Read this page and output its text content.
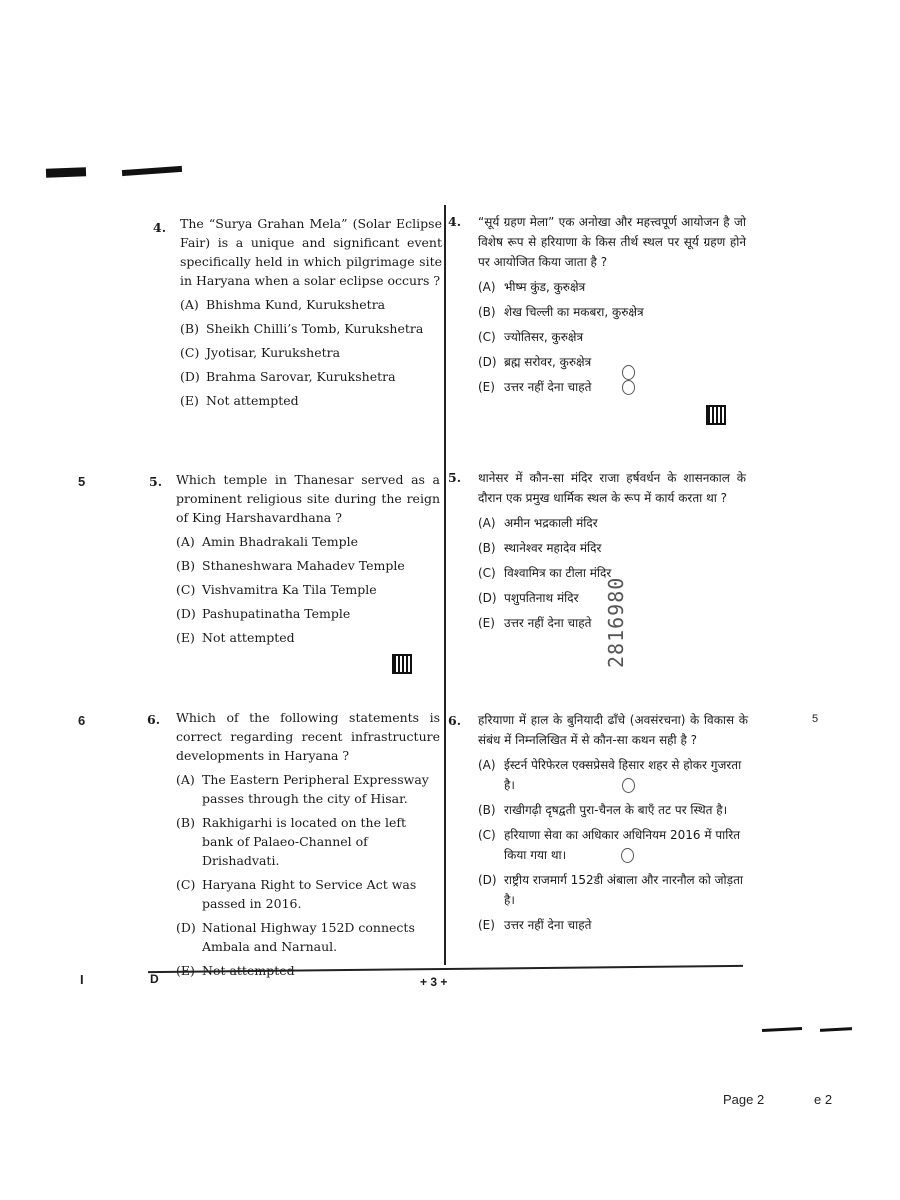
5
6
I
5
4. The “Surya Grahan Mela” (Solar Eclipse Fair) is a unique and significant event specifically held in which pilgrimage site in Haryana when a solar eclipse occurs ?
(A) Bhishma Kund, Kurukshetra
(B) Sheikh Chilli’s Tomb, Kurukshetra
(C) Jyotisar, Kurukshetra
(D) Brahma Sarovar, Kurukshetra
(E) Not attempted
5. Which temple in Thanesar served as a prominent religious site during the reign of King Harshavardhana ?
(A) Amin Bhadrakali Temple
(B) Sthaneshwara Mahadev Temple
(C) Vishvamitra Ka Tila Temple
(D) Pashupatinatha Temple
(E) Not attempted
6. Which of the following statements is correct regarding recent infrastructure developments in Haryana ?
(A) The Eastern Peripheral Expressway passes through the city of Hisar.
(B) Rakhigarhi is located on the left bank of Palaeo-Channel of Drishadvati.
(C) Haryana Right to Service Act was passed in 2016.
(D) National Highway 152D connects Ambala and Narnaul.
4. “सूर्य ग्रहण मेला” एक अनोखा और महत्त्वपूर्ण आयोजन है जो विशेष रूप से हरियाणा के किस तीर्थ स्थल पर सूर्य ग्रहण होने पर आयोजित किया जाता है ?
(A) भीष्म कुंड, कुरुक्षेत्र
(B) शेख चिल्ली का मकबरा, कुरुक्षेत्र
(C) ज्योतिसर, कुरुक्षेत्र
(D) ब्रह्म सरोवर, कुरुक्षेत्र
(E) उत्तर नहीं देना चाहते
5. थानेसर में कौन-सा मंदिर राजा हर्षवर्धन के शासनकाल के दौरान एक प्रमुख धार्मिक स्थल के रूप में कार्य करता था ?
(A) अमीन भद्रकाली मंदिर
(B) स्थानेश्वर महादेव मंदिर
(C) विश्वामित्र का टीला मंदिर
(D) पशुपतिनाथ मंदिर
(E) उत्तर नहीं देना चाहते
6. हरियाणा में हाल के बुनियादी ढाँचे (अवसंरचना) के विकास के संबंध में निम्नलिखित में से कौन-सा कथन सही है ?
(A) ईस्टर्न पेरिफेरल एक्सप्रेसवे हिसार शहर से होकर गुजरता है।
(B) राखीगढ़ी दृषद्वती पुरा-चैनल के बाएँ तट पर स्थित है।
(C) हरियाणा सेवा का अधिकार अधिनियम 2016 में पारित किया गया था।
(D) राष्ट्रीय राजमार्ग 152डी अंबाला और नारनौल को जोड़ता है।
(E) उत्तर नहीं देना चाहते
2816980
D	+ 3 +
Page 2	e 2
